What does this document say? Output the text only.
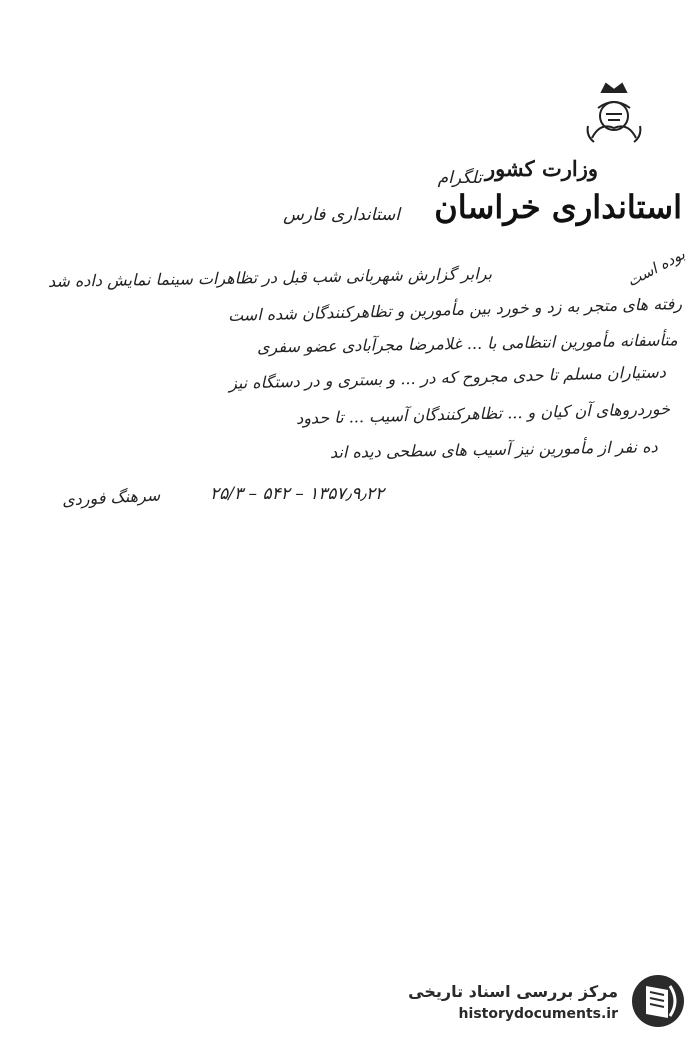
وزارت کشور
استانداری خراسان
تلگرام
استانداری فارس
برابر گزارش شهربانی شب قبل در تظاهرات سینما نمایش داده شد	بوده است
رفته های متجر به زد و خورد بین مأمورین و تظاهرکنندگان شده است
متأسفانه مأمورین انتظامی با ... غلامرضا مجرآبادی عضو سفری
دستیاران مسلم تا حدی مجروح که در ... و بستری و در دستگاه نیز
خوردروهای آن کیان و ... تظاهرکنندگان آسیب ... تا حدود
ده نفر از مأمورین نیز آسیب های سطحی دیده اند
۱۳۵۷٫۹٫۲۲ – ۵۴۲ – ۲۵/۳
سرهنگ فوردی
مرکز بررسی اسناد تاریخی
historydocuments.ir
